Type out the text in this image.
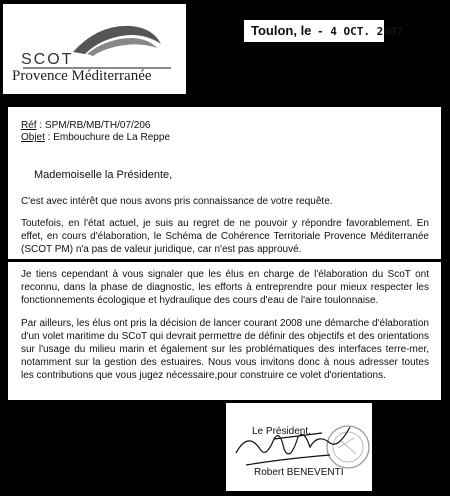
SCOT
Provence Méditerranée
Toulon, le - 4 OCT. 2007
Réf : SPM/RB/MB/TH/07/206
Objet : Embouchure de La Reppe
Mademoiselle la Présidente,
C'est avec intérêt que nous avons pris connaissance de votre requête.
Toutefois, en l'état actuel, je suis au regret de ne pouvoir y répondre favorablement. En effet, en cours d'élaboration, le Schéma de Cohérence Territoriale Provence Méditerranée (SCOT PM) n'a pas de valeur juridique, car n'est pas approuvé.
Je tiens cependant à vous signaler que les élus en charge de l'élaboration du ScoT ont reconnu, dans la phase de diagnostic, les efforts à entreprendre pour mieux respecter les fonctionnements écologique et hydraulique des cours d'eau de l'aire toulonnaise.
Par ailleurs, les élus ont pris la décision de lancer courant 2008 une démarche d'élaboration d'un volet maritime du SCoT qui devrait permettre de définir des objectifs et des orientations sur l'usage du milieu marin et également sur les problématiques des interfaces terre-mer, notamment sur la gestion des estuaires. Nous vous invitons donc à nous adresser toutes les contributions que vous jugez nécessaire,pour construire ce volet d'orientations.
Le Président,
Robert BENEVENTI
